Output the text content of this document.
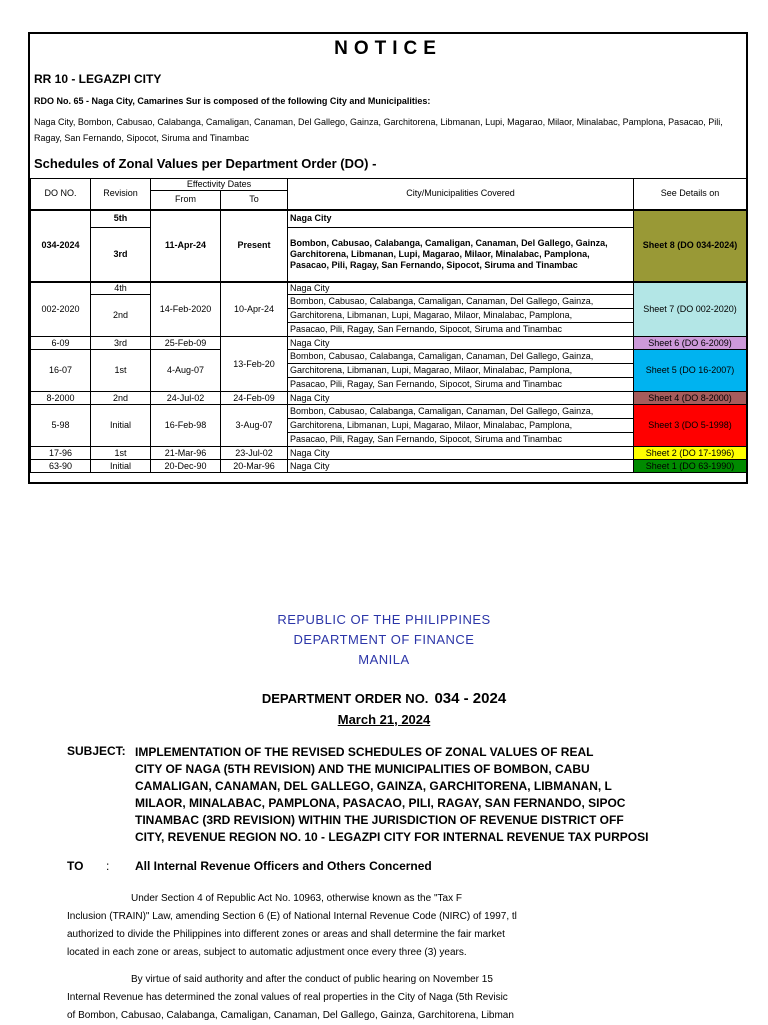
NOTICE
RR 10 - LEGAZPI CITY
RDO No. 65 - Naga City, Camarines Sur is composed of the following City and Municipalities:
Naga City, Bombon, Cabusao, Calabanga, Camaligan, Canaman, Del Gallego, Gainza, Garchitorena, Libmanan, Lupi, Magarao, Milaor, Minalabac, Pamplona, Pasacao, Pili, Ragay, San Fernando, Sipocot, Siruma and Tinambac
Schedules of Zonal Values per Department Order (DO) -
DO NO.	Revision	Effectivity Dates		City/Municipalities Covered	See Details on
		From	To		
034-2024	5th	11-Apr-24	Present	Naga City	Sheet 8 (DO 034-2024)
	3rd			Bombon, Cabusao, Calabanga, Camaligan, Canaman, Del Gallego, Gainza, Garchitorena, Libmanan, Lupi, Magarao, Milaor, Minalabac, Pamplona, Pasacao, Pili, Ragay, San Fernando, Sipocot, Siruma and Tinambac	
002-2020	4th	14-Feb-2020	10-Apr-24	Naga City	Sheet 7 (DO 002-2020)
	2nd			Bombon, Cabusao, Calabanga, Camaligan, Canaman, Del Gallego, Gainza,	
				Garchitorena, Libmanan, Lupi, Magarao, Milaor, Minalabac, Pamplona,	
				Pasacao, Pili, Ragay, San Fernando, Sipocot, Siruma and Tinambac	
6-09	3rd	25-Feb-09	13-Feb-20	Naga City	Sheet 6 (DO 6-2009)
16-07	1st	4-Aug-07		Bombon, Cabusao, Calabanga, Camaligan, Canaman, Del Gallego, Gainza,	Sheet 5 (DO 16-2007)
				Garchitorena, Libmanan, Lupi, Magarao, Milaor, Minalabac, Pamplona,	
				Pasacao, Pili, Ragay, San Fernando, Sipocot, Siruma and Tinambac	
8-2000	2nd	24-Jul-02	24-Feb-09	Naga City	Sheet 4 (DO 8-2000)
5-98	Initial	16-Feb-98	3-Aug-07	Bombon, Cabusao, Calabanga, Camaligan, Canaman, Del Gallego, Gainza,	Sheet 3 (DO 5-1998)
				Garchitorena, Libmanan, Lupi, Magarao, Milaor, Minalabac, Pamplona,	
				Pasacao, Pili, Ragay, San Fernando, Sipocot, Siruma and Tinambac	
17-96	1st	21-Mar-96	23-Jul-02	Naga City	Sheet 2 (DO 17-1996)
63-90	Initial	20-Dec-90	20-Mar-96	Naga City	Sheet 1 (DO 63-1990)
REPUBLIC OF THE PHILIPPINES
DEPARTMENT OF FINANCE
MANILA
DEPARTMENT ORDER NO. 034 - 2024
March 21, 2024
SUBJECT: IMPLEMENTATION OF THE REVISED SCHEDULES OF ZONAL VALUES OF REAL
CITY OF NAGA (5TH REVISION) AND THE MUNICIPALITIES OF BOMBON, CABU
CAMALIGAN, CANAMAN, DEL GALLEGO, GAINZA, GARCHITORENA, LIBMANAN, L
MILAOR, MINALABAC, PAMPLONA, PASACAO, PILI, RAGAY, SAN FERNANDO, SIPOC
TINAMBAC (3RD REVISION) WITHIN THE JURISDICTION OF REVENUE DISTRICT OFF
CITY, REVENUE REGION NO. 10 - LEGAZPI CITY FOR INTERNAL REVENUE TAX PURPOSI
TO : All Internal Revenue Officers and Others Concerned
Under Section 4 of Republic Act No. 10963, otherwise known as the "Tax F
Inclusion (TRAIN)" Law, amending Section 6 (E) of National Internal Revenue Code (NIRC) of 1997, tl
authorized to divide the Philippines into different zones or areas and shall determine the fair market
located in each zone or areas, subject to automatic adjustment once every three (3) years.
By virtue of said authority and after the conduct of public hearing on November 15
Internal Revenue has determined the zonal values of real properties in the City of Naga (5th Revisic
of Bombon, Cabusao, Calabanga, Camaligan, Canaman, Del Gallego, Gainza, Garchitorena, Libman
